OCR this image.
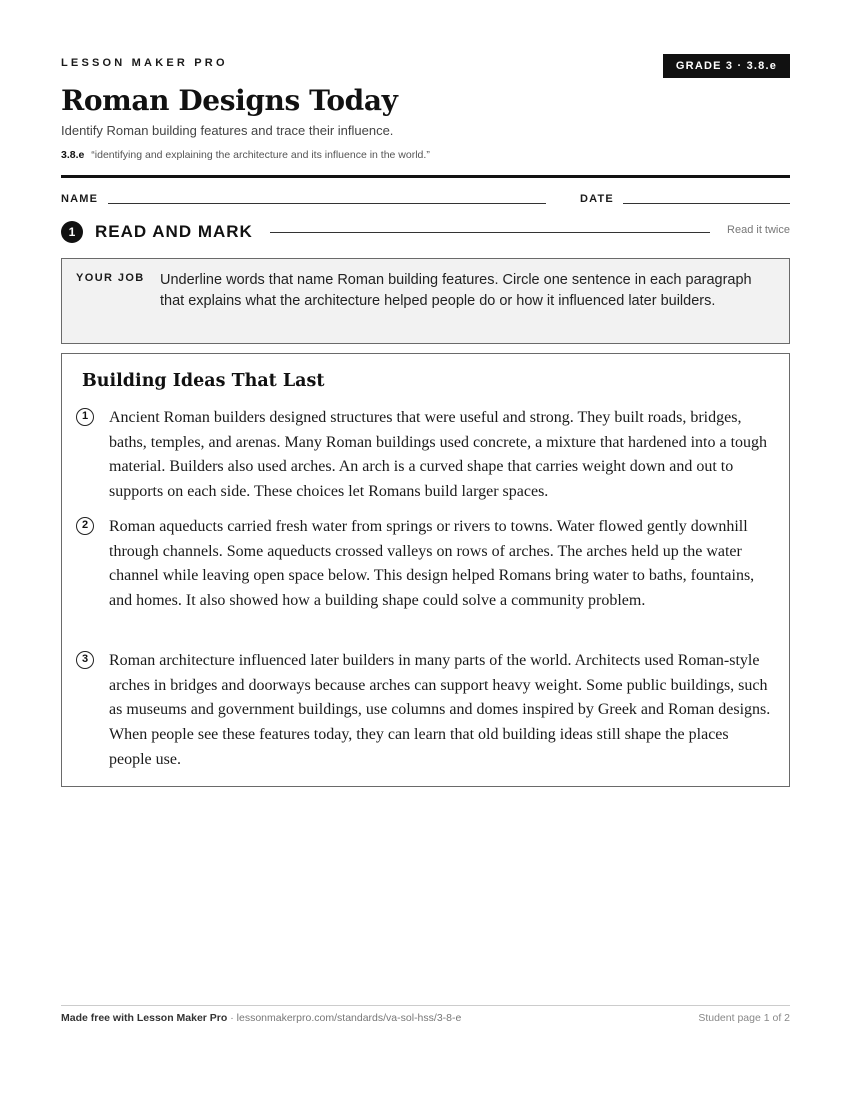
LESSON MAKER PRO	GRADE 3 · 3.8.e
Roman Designs Today
Identify Roman building features and trace their influence.
3.8.e “identifying and explaining the architecture and its influence in the world.”
NAME	DATE
1	READ AND MARK	Read it twice
YOUR JOB Underline words that name Roman building features. Circle one sentence in each paragraph that explains what the architecture helped people do or how it influenced later builders.
Building Ideas That Last
1	Ancient Roman builders designed structures that were useful and strong. They built roads, bridges, baths, temples, and arenas. Many Roman buildings used concrete, a mixture that hardened into a tough material. Builders also used arches. An arch is a curved shape that carries weight down and out to supports on each side. These choices let Romans build larger spaces.

2	Roman aqueducts carried fresh water from springs or rivers to towns. Water flowed gently downhill through channels. Some aqueducts crossed valleys on rows of arches. The arches held up the water channel while leaving open space below. This design helped Romans bring water to baths, fountains, and homes. It also showed how a building shape could solve a community problem.

3	Roman architecture influenced later builders in many parts of the world. Architects used Roman-style arches in bridges and doorways because arches can support heavy weight. Some public buildings, such as museums and government buildings, use columns and domes inspired by Greek and Roman designs. When people see these features today, they can learn that old building ideas still shape the places people use.

Made free with Lesson Maker Pro · lessonmakerpro.com/standards/va-sol-hss/3-8-e	Student page 1 of 2
